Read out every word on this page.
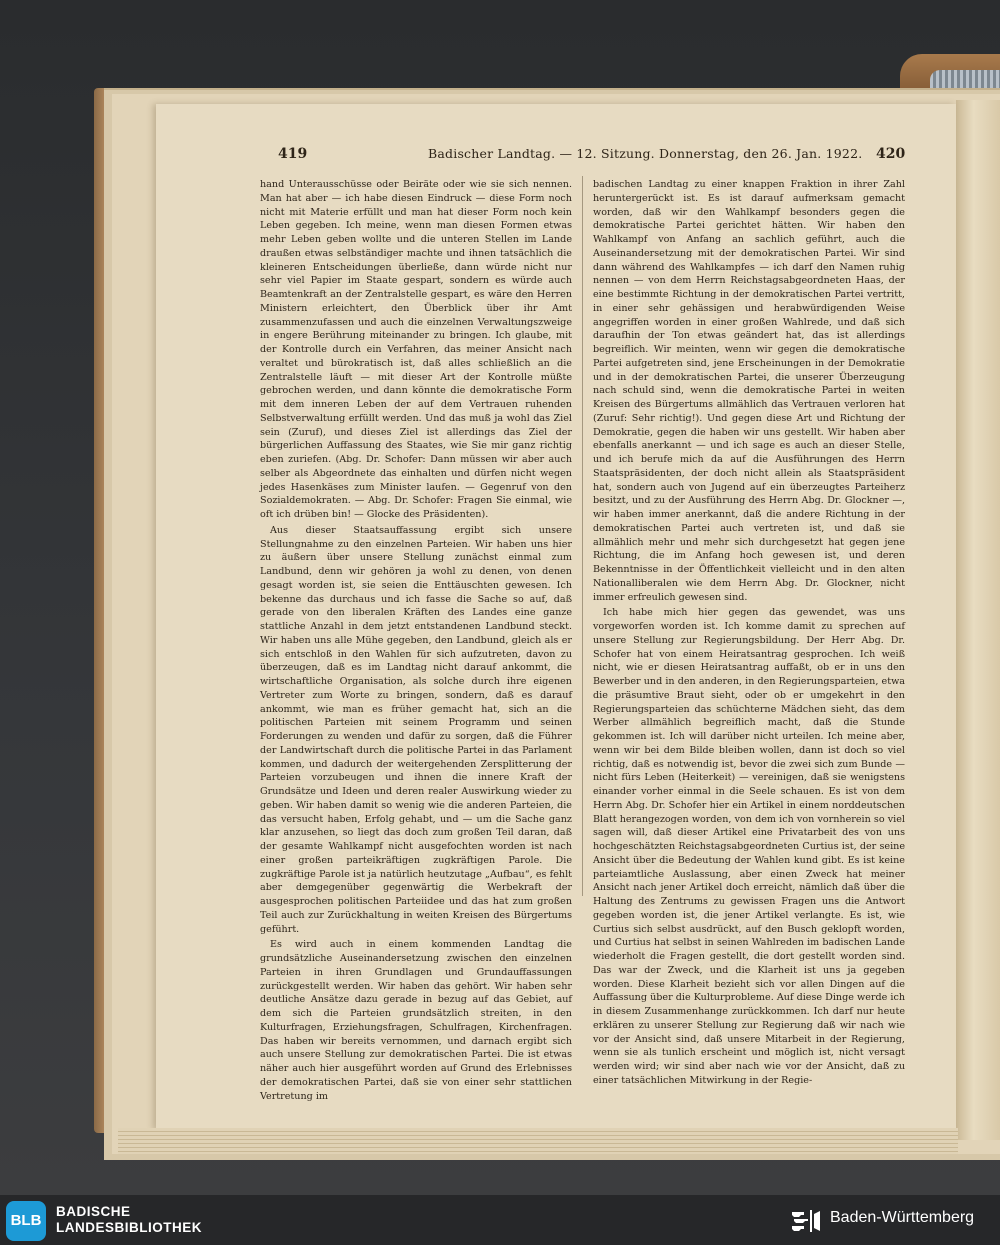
419	Badischer Landtag. — 12. Sitzung. Donnerstag, den 26. Jan. 1922. 420

hand Unterausschüsse oder Beiräte oder wie sie sich nennen. Man hat aber — ich habe diesen Eindruck — diese Form noch nicht mit Materie erfüllt und man hat dieser Form noch kein Leben gegeben. Ich meine, wenn man diesen Formen etwas mehr Leben geben wollte und die unteren Stellen im Lande draußen etwas selbständiger machte und ihnen tatsächlich die kleineren Entscheidungen überließe, dann würde nicht nur sehr viel Papier im Staate gespart, sondern es würde auch Beamtenkraft an der Zentralstelle gespart, es wäre den Herren Ministern erleichtert, den Überblick über ihr Amt zusammenzufassen und auch die einzelnen Verwaltungszweige in engere Berührung miteinander zu bringen. Ich glaube, mit der Kontrolle durch ein Verfahren, das meiner Ansicht nach veraltet und bürokratisch ist, daß alles schließlich an die Zentralstelle läuft — mit dieser Art der Kontrolle müßte gebrochen werden, und dann könnte die demokratische Form mit dem inneren Leben der auf dem Vertrauen ruhenden Selbstverwaltung erfüllt werden. Und das muß ja wohl das Ziel sein (Zuruf), und dieses Ziel ist allerdings das Ziel der bürgerlichen Auffassung des Staates, wie Sie mir ganz richtig eben zuriefen. (Abg. Dr. Schofer: Dann müssen wir aber auch selber als Abgeordnete das einhalten und dürfen nicht wegen jedes Hasenkäses zum Minister laufen. — Gegenruf von den Sozialdemokraten. — Abg. Dr. Schofer: Fragen Sie einmal, wie oft ich drüben bin! — Glocke des Präsidenten).

Aus dieser Staatsauffassung ergibt sich unsere Stellungnahme zu den einzelnen Parteien. Wir haben uns hier zu äußern über unsere Stellung zunächst einmal zum Landbund, denn wir gehören ja wohl zu denen, von denen gesagt worden ist, sie seien die Enttäuschten gewesen. Ich bekenne das durchaus und ich fasse die Sache so auf, daß gerade von den liberalen Kräften des Landes eine ganze stattliche Anzahl in dem jetzt entstandenen Landbund steckt. Wir haben uns alle Mühe gegeben, den Landbund, gleich als er sich entschloß in den Wahlen für sich aufzutreten, davon zu überzeugen, daß es im Landtag nicht darauf ankommt, die wirtschaftliche Organisation, als solche durch ihre eigenen Vertreter zum Worte zu bringen, sondern, daß es darauf ankommt, wie man es früher gemacht hat, sich an die politischen Parteien mit seinem Programm und seinen Forderungen zu wenden und dafür zu sorgen, daß die Führer der Landwirtschaft durch die politische Partei in das Parlament kommen, und dadurch der weitergehenden Zersplitterung der Parteien vorzubeugen und ihnen die innere Kraft der Grundsätze und Ideen und deren realer Auswirkung wieder zu geben. Wir haben damit so wenig wie die anderen Parteien, die das versucht haben, Erfolg gehabt, und — um die Sache ganz klar anzusehen, so liegt das doch zum großen Teil daran, daß der gesamte Wahlkampf nicht ausgefochten worden ist nach einer großen parteikräftigen zugkräftigen Parole. Die zugkräftige Parole ist ja natürlich heutzutage „Aufbau“, es fehlt aber demgegenüber gegenwärtig die Werbekraft der ausgesprochen politischen Parteiidee und das hat zum großen Teil auch zur Zurückhaltung in weiten Kreisen des Bürgertums geführt.

Es wird auch in einem kommenden Landtag die grundsätzliche Auseinandersetzung zwischen den einzelnen Parteien in ihren Grundlagen und Grundauffassungen zurückgestellt werden. Wir haben das gehört. Wir haben sehr deutliche Ansätze dazu gerade in bezug auf das Gebiet, auf dem sich die Parteien grundsätzlich streiten, in den Kulturfragen, Erziehungsfragen, Schulfragen, Kirchenfragen. Das haben wir bereits vernommen, und darnach ergibt sich auch unsere Stellung zur demokratischen Partei. Die ist etwas näher auch hier ausgeführt worden auf Grund des Erlebnisses der demokratischen Partei, daß sie von einer sehr stattlichen Vertretung im

badischen Landtag zu einer knappen Fraktion in ihrer Zahl heruntergerückt ist. Es ist darauf aufmerksam gemacht worden, daß wir den Wahlkampf besonders gegen die demokratische Partei gerichtet hätten. Wir haben den Wahlkampf von Anfang an sachlich geführt, auch die Auseinandersetzung mit der demokratischen Partei. Wir sind dann während des Wahlkampfes — ich darf den Namen ruhig nennen — von dem Herrn Reichstagsabgeordneten Haas, der eine bestimmte Richtung in der demokratischen Partei vertritt, in einer sehr gehässigen und herabwürdigenden Weise angegriffen worden in einer großen Wahlrede, und daß sich daraufhin der Ton etwas geändert hat, das ist allerdings begreiflich. Wir meinten, wenn wir gegen die demokratische Partei aufgetreten sind, jene Erscheinungen in der Demokratie und in der demokratischen Partei, die unserer Überzeugung nach schuld sind, wenn die demokratische Partei in weiten Kreisen des Bürgertums allmählich das Vertrauen verloren hat (Zuruf: Sehr richtig!). Und gegen diese Art und Richtung der Demokratie, gegen die haben wir uns gestellt. Wir haben aber ebenfalls anerkannt — und ich sage es auch an dieser Stelle, und ich berufe mich da auf die Ausführungen des Herrn Staatspräsidenten, der doch nicht allein als Staatspräsident hat, sondern auch von Jugend auf ein überzeugtes Parteiherz besitzt, und zu der Ausführung des Herrn Abg. Dr. Glockner —, wir haben immer anerkannt, daß die andere Richtung in der demokratischen Partei auch vertreten ist, und daß sie allmählich mehr und mehr sich durchgesetzt hat gegen jene Richtung, die im Anfang hoch gewesen ist, und deren Bekenntnisse in der Öffentlichkeit vielleicht und in den alten Nationalliberalen wie dem Herrn Abg. Dr. Glockner, nicht immer erfreulich gewesen sind.

Ich habe mich hier gegen das gewendet, was uns vorgeworfen worden ist. Ich komme damit zu sprechen auf unsere Stellung zur Regierungsbildung. Der Herr Abg. Dr. Schofer hat von einem Heiratsantrag gesprochen. Ich weiß nicht, wie er diesen Heiratsantrag auffaßt, ob er in uns den Bewerber und in den anderen, in den Regierungsparteien, etwa die präsumtive Braut sieht, oder ob er umgekehrt in den Regierungsparteien das schüchterne Mädchen sieht, das dem Werber allmählich begreiflich macht, daß die Stunde gekommen ist. Ich will darüber nicht urteilen. Ich meine aber, wenn wir bei dem Bilde bleiben wollen, dann ist doch so viel richtig, daß es notwendig ist, bevor die zwei sich zum Bunde — nicht fürs Leben (Heiterkeit) — vereinigen, daß sie wenigstens einander vorher einmal in die Seele schauen. Es ist von dem Herrn Abg. Dr. Schofer hier ein Artikel in einem norddeutschen Blatt herangezogen worden, von dem ich von vornherein so viel sagen will, daß dieser Artikel eine Privatarbeit des von uns hochgeschätzten Reichstagsabgeordneten Curtius ist, der seine Ansicht über die Bedeutung der Wahlen kund gibt. Es ist keine parteiamtliche Auslassung, aber einen Zweck hat meiner Ansicht nach jener Artikel doch erreicht, nämlich daß über die Haltung des Zentrums zu gewissen Fragen uns die Antwort gegeben worden ist, die jener Artikel verlangte. Es ist, wie Curtius sich selbst ausdrückt, auf den Busch geklopft worden, und Curtius hat selbst in seinen Wahlreden im badischen Lande wiederholt die Fragen gestellt, die dort gestellt worden sind. Das war der Zweck, und die Klarheit ist uns ja gegeben worden. Diese Klarheit bezieht sich vor allen Dingen auf die Auffassung über die Kulturprobleme. Auf diese Dinge werde ich in diesem Zusammenhange zurückkommen. Ich darf nur heute erklären zu unserer Stellung zur Regierung daß wir nach wie vor der Ansicht sind, daß unsere Mitarbeit in der Regierung, wenn sie als tunlich erscheint und möglich ist, nicht versagt werden wird; wir sind aber nach wie vor der Ansicht, daß zu einer tatsächlichen Mitwirkung in der Regie-

BLB
BADISCHE
LANDESBIBLIOTHEK
Baden-Württemberg
